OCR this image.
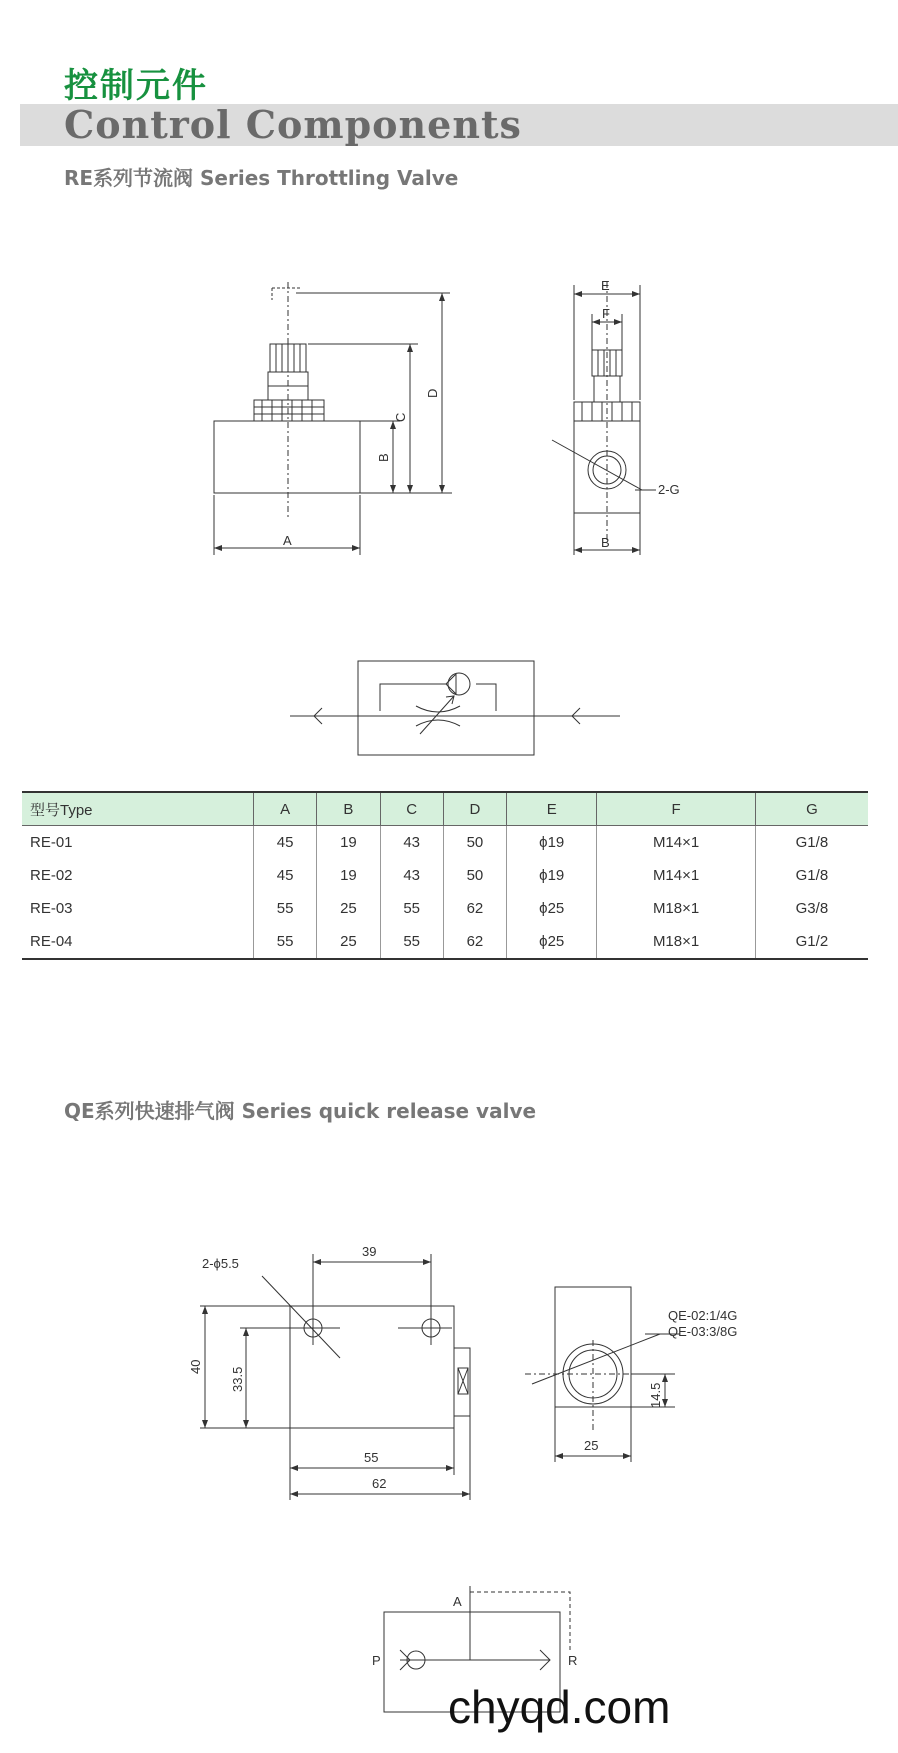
控制元件
Control Components
RE系列节流阀 Series Throttling Valve
A
B
C
D
E
F
B
2-G
2-ϕ5.5
39
40 33.5
55
62
QE-02:1/4G
QE-03:3/8G
14.5
25
A
P	R
型号Type	A	B	C	D	E	F	G
RE-01	45	19	43	50	ϕ19	M14×1	G1/8
RE-02	45	19	43	50	ϕ19	M14×1	G1/8
RE-03	55	25	55	62	ϕ25	M18×1	G3/8
RE-04	55	25	55	62	ϕ25	M18×1	G1/2
QE系列快速排气阀 Series quick release valve
chyqd.com
